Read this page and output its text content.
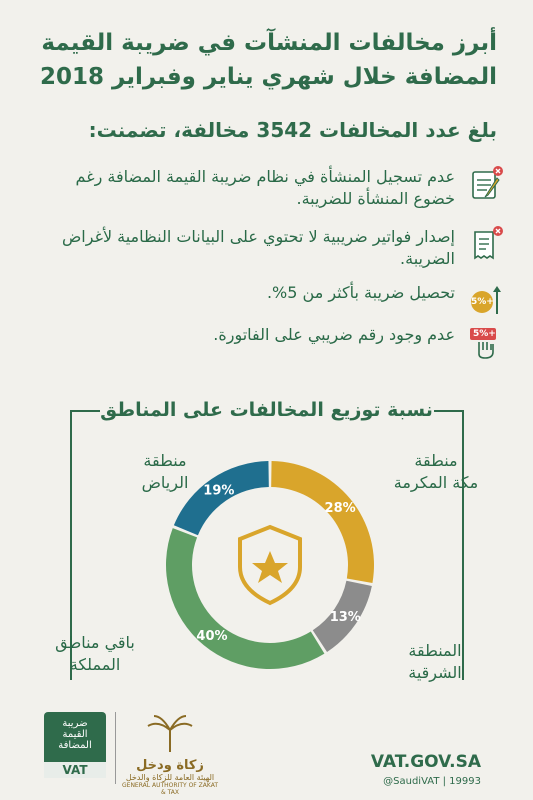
أبرز مخالفات المنشآت في ضريبة القيمة المضافة خلال شهري يناير وفبراير 2018
بلغ عدد المخالفات 3542 مخالفة، تضمنت:
عدم تسجيل المنشأة في نظام ضريبة القيمة المضافة رغم خضوع المنشأة للضريبة.
إصدار فواتير ضريبية لا تحتوي على البيانات النظامية لأغراض الضريبة.
+5%
تحصيل ضريبة بأكثر من 5%.
+5%
عدم وجود رقم ضريبي على الفاتورة.
نسبة توزيع المخالفات على المناطق
28%
13%
40%
19%
منطقة
مكة المكرمة
منطقة
الرياض
المنطقة
الشرقية
باقي مناطق
المملكة
ضريبة
القيمة
المضافة
VAT	زكاة ودخل
الهيئة العامة للزكاة والدخل
GENERAL AUTHORITY OF ZAKAT & TAX
VAT.GOV.SA
@SaudiVAT | 19993
